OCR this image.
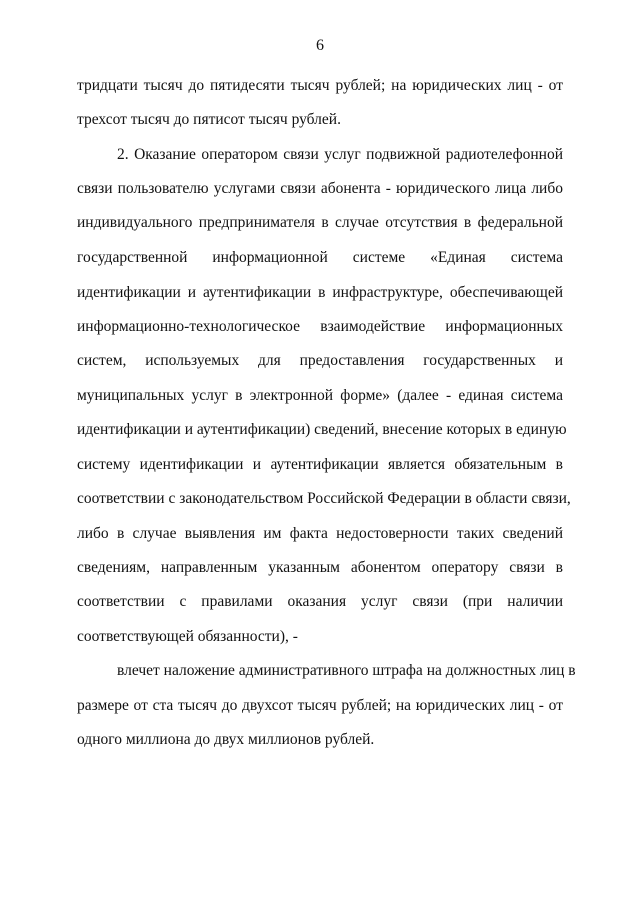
6
тридцати тысяч до пятидесяти тысяч рублей; на юридических лиц - от
трехсот тысяч до пятисот тысяч рублей.
2. Оказание оператором связи услуг подвижной радиотелефонной
связи пользователю услугами связи абонента - юридического лица либо
индивидуального предпринимателя в случае отсутствия в федеральной
государственной информационной системе «Единая система
идентификации и аутентификации в инфраструктуре, обеспечивающей
информационно-технологическое взаимодействие информационных
систем, используемых для предоставления государственных и
муниципальных услуг в электронной форме» (далее - единая система
идентификации и аутентификации) сведений, внесение которых в единую
систему идентификации и аутентификации является обязательным в
соответствии с законодательством Российской Федерации в области связи,
либо в случае выявления им факта недостоверности таких сведений
сведениям, направленным указанным абонентом оператору связи в
соответствии с правилами оказания услуг связи (при наличии
соответствующей обязанности), -
влечет наложение административного штрафа на должностных лиц в
размере от ста тысяч до двухсот тысяч рублей; на юридических лиц - от
одного миллиона до двух миллионов рублей.
